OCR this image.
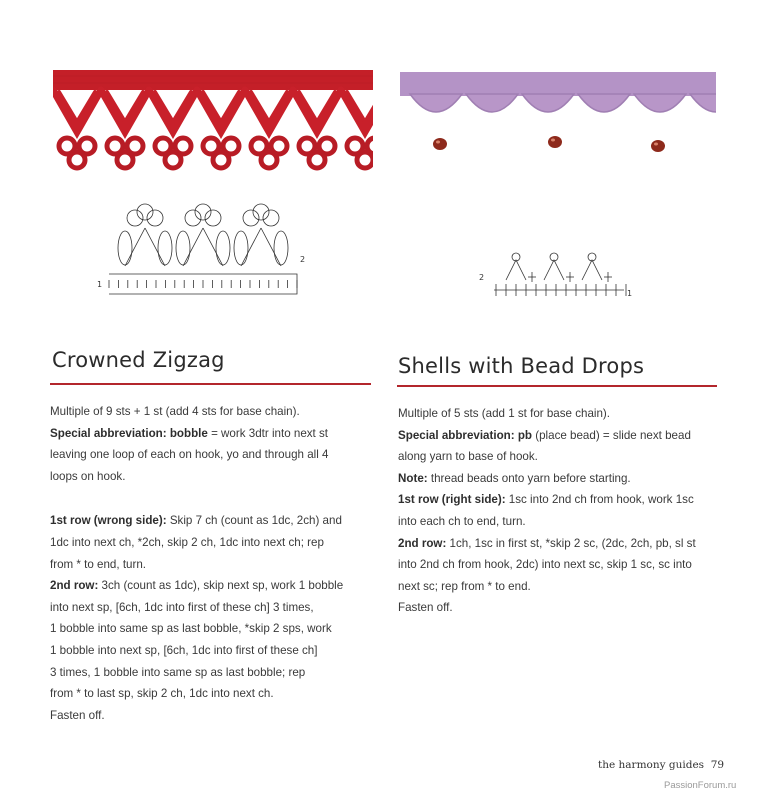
1
2
2
1
Crowned Zigzag	Shells with Bead Drops
Multiple of 9 sts + 1 st (add 4 sts for base chain).
Special abbreviation: bobble = work 3dtr into next st
leaving one loop of each on hook, yo and through all 4
loops on hook.
1st row (wrong side): Skip 7 ch (count as 1dc, 2ch) and
1dc into next ch, *2ch, skip 2 ch, 1dc into next ch; rep
from * to end, turn.
2nd row: 3ch (count as 1dc), skip next sp, work 1 bobble
into next sp, [6ch, 1dc into first of these ch] 3 times,
1 bobble into same sp as last bobble, *skip 2 sps, work
1 bobble into next sp, [6ch, 1dc into first of these ch]
3 times, 1 bobble into same sp as last bobble; rep
from * to last sp, skip 2 ch, 1dc into next ch.
Fasten off.
Multiple of 5 sts (add 1 st for base chain).
Special abbreviation: pb (place bead) = slide next bead
along yarn to base of hook.
Note: thread beads onto yarn before starting.
1st row (right side): 1sc into 2nd ch from hook, work 1sc
into each ch to end, turn.
2nd row: 1ch, 1sc in first st, *skip 2 sc, (2dc, 2ch, pb, sl st
into 2nd ch from hook, 2dc) into next sc, skip 1 sc, sc into
next sc; rep from * to end.
Fasten off.
the harmony guides 79
PassionForum.ru
